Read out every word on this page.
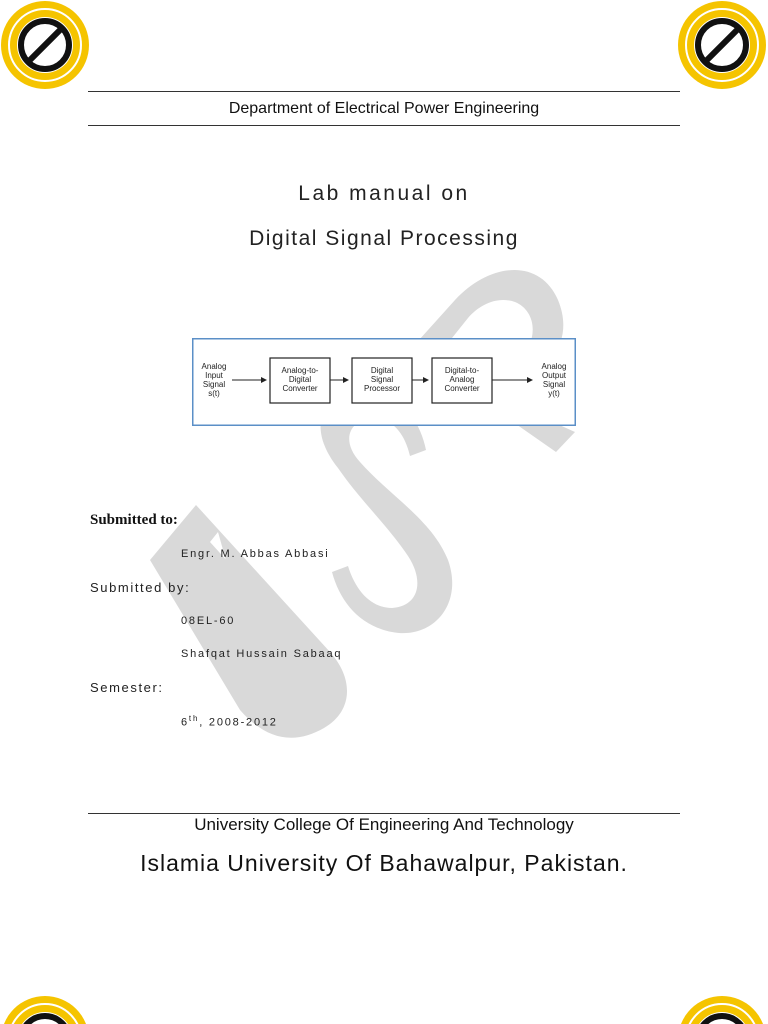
Department of Electrical Power Engineering
Lab manual on
Digital Signal Processing
Analog
Input
Signal
s(t)
Analog-to-
Digital
Converter
Digital
Signal
Processor
Digital-to-
Analog
Converter
Analog
Output
Signal
y(t)
Submitted to:
Engr. M. Abbas Abbasi
Submitted by:
08EL-60
Shafqat Hussain Sabaaq
Semester:
6th, 2008-2012
University College Of Engineering And Technology
Islamia University Of Bahawalpur, Pakistan.
